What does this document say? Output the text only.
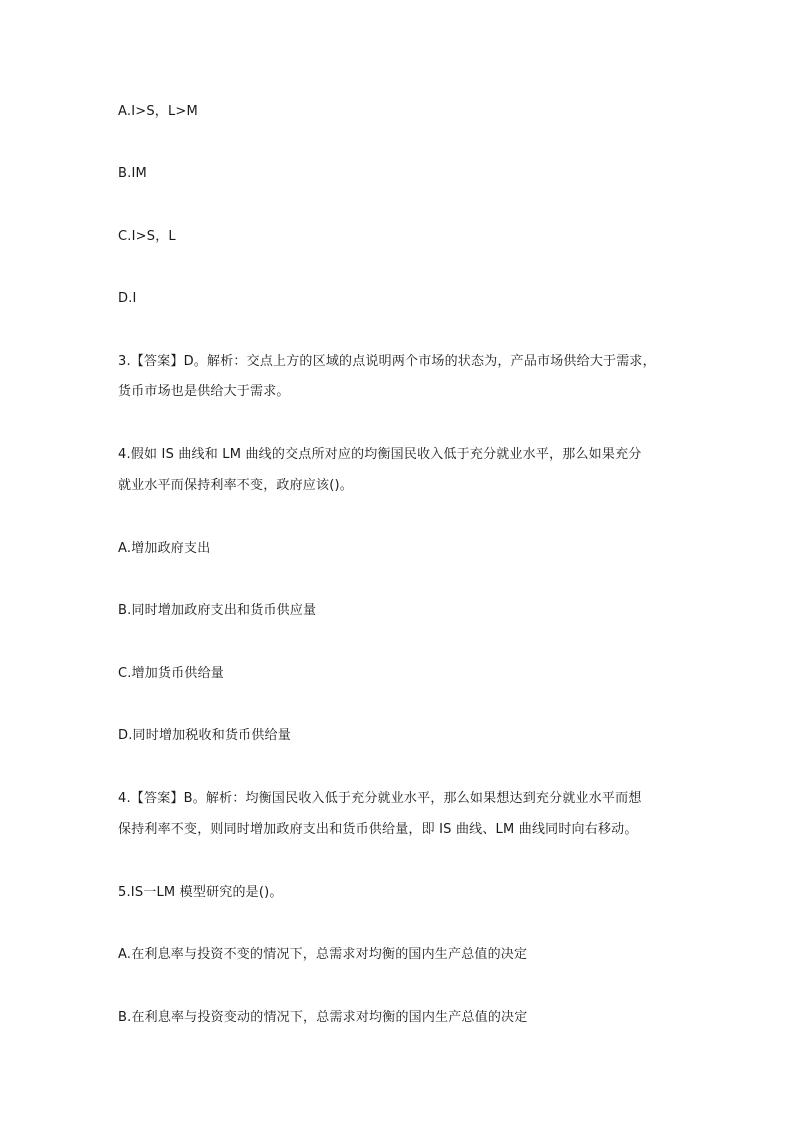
A.I>S，L>M
B.IM
C.I>S，L
D.I
3.【答案】D。解析：交点上方的区域的点说明两个市场的状态为，产品市场供给大于需求，
货币市场也是供给大于需求。
4.假如 IS 曲线和 LM 曲线的交点所对应的均衡国民收入低于充分就业水平，那么如果充分
就业水平而保持利率不变，政府应该()。
A.增加政府支出
B.同时增加政府支出和货币供应量
C.增加货币供给量
D.同时增加税收和货币供给量
4.【答案】B。解析：均衡国民收入低于充分就业水平，那么如果想达到充分就业水平而想
保持利率不变，则同时增加政府支出和货币供给量，即 IS 曲线、LM 曲线同时向右移动。
5.IS一LM 模型研究的是()。
A.在利息率与投资不变的情况下，总需求对均衡的国内生产总值的决定
B.在利息率与投资变动的情况下，总需求对均衡的国内生产总值的决定
